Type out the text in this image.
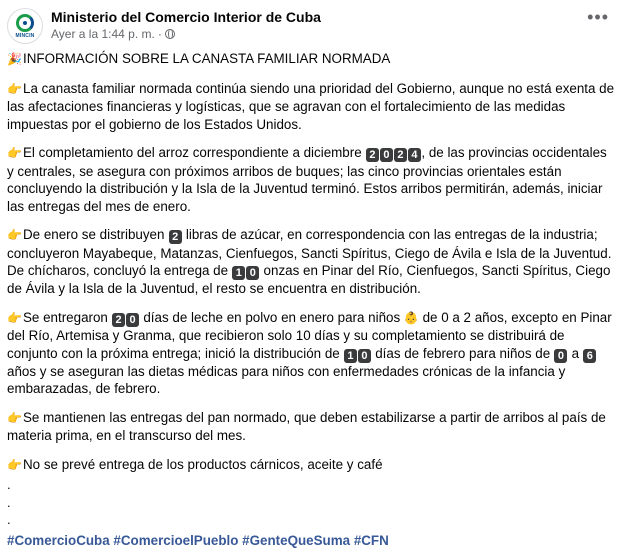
MINCIN
Ministerio del Comercio Interior de Cuba
Ayer a la 1:44 p. m. ·
•••
🎉INFORMACIÓN SOBRE LA CANASTA FAMILIAR NORMADA
👉La canasta familiar normada continúa siendo una prioridad del Gobierno, aunque no está exenta de las afectaciones financieras y logísticas, que se agravan con el fortalecimiento de las medidas impuestas por el gobierno de los Estados Unidos.
👉El completamiento del arroz correspondiente a diciembre 2 0 2 4 , de las provincias occidentales y centrales, se asegura con próximos arribos de buques; las cinco provincias orientales están concluyendo la distribución y la Isla de la Juventud terminó. Estos arribos permitirán, además, iniciar las entregas del mes de enero.
👉De enero se distribuyen 2 libras de azúcar, en correspondencia con las entregas de la industria; concluyeron Mayabeque, Matanzas, Cienfuegos, Sancti Spíritus, Ciego de Ávila e Isla de la Juventud. De chícharos, concluyó la entrega de 1 0 onzas en Pinar del Río, Cienfuegos, Sancti Spíritus, Ciego de Ávila y la Isla de la Juventud, el resto se encuentra en distribución.
👉Se entregaron 2 0 días de leche en polvo en enero para niños 👶 de 0 a 2 años, excepto en Pinar del Río, Artemisa y Granma, que recibieron solo 10 días y su completamiento se distribuirá de conjunto con la próxima entrega; inició la distribución de 1 0 días de febrero para niños de 0 a 6 años y se aseguran las dietas médicas para niños con enfermedades crónicas de la infancia y embarazadas, de febrero.
👉Se mantienen las entregas del pan normado, que deben estabilizarse a partir de arribos al país de materia prima, en el transcurso del mes.
👉No se prevé entrega de los productos cárnicos, aceite y café
.
.
.
#ComercioCuba #ComercioelPueblo #GenteQueSuma #CFN
